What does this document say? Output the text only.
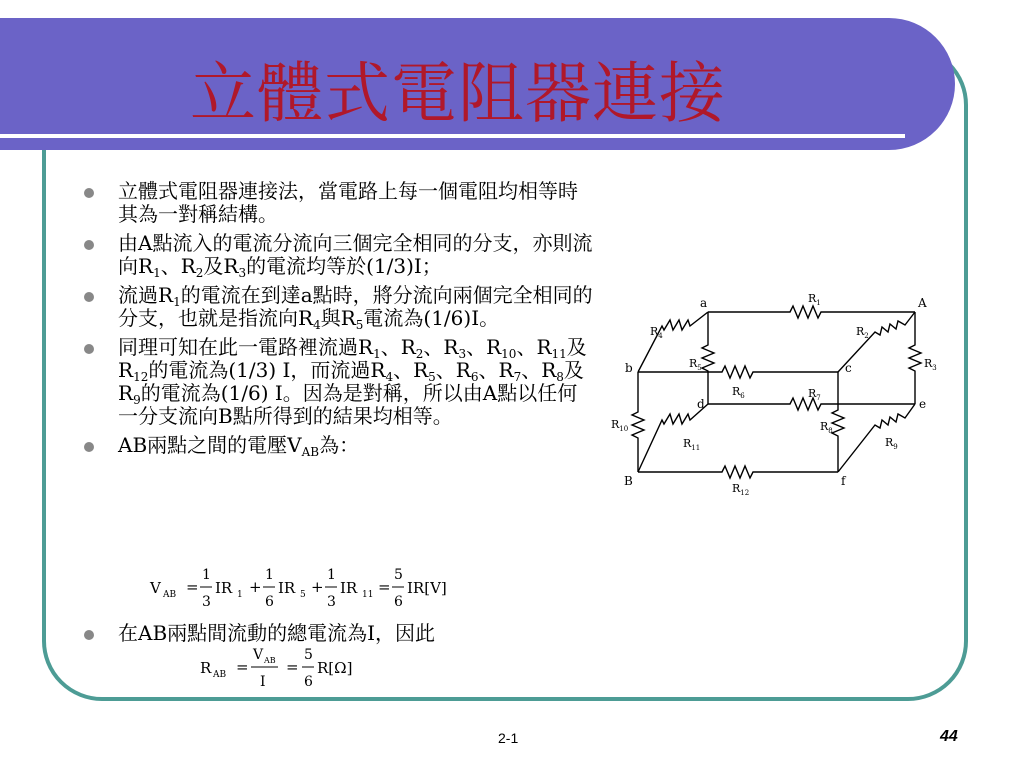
立體式電阻器連接
立體式電阻器連接法，當電路上每一個電阻均相等時其為一對稱結構。
由A點流入的電流分流向三個完全相同的分支，亦則流向$R_1$、$R_2$及$R_3$的電流均等於(1/3)I；
流過$R_1$的電流在到達a點時，將分流向兩個完全相同的分支，也就是指流向$R_4$與$R_5$電流為(1/6)I。
同理可知在此一電路裡流過$R_1$、$R_2$、$R_3$、$R_{10}$、$R_{11}$及$R_{12}$的電流為(1/3) I，而流過$R_4$、$R_5$、$R_6$、$R_7$、$R_8$及$R_9$的電流為(1/6) I。因為是對稱，所以由A點以任何一分支流向B點所得到的結果均相等。
AB兩點之間的電壓$V_{AB}$為：
V AB =
1
3
IR 1 +
1
6
IR 5 +
1
3
IR 11 =
5
6
IR[V]
在AB兩點間流動的總電流為I，因此
R AB =
V AB
I
=
5
6
R[Ω]
a	A
b	c
d	e
B	f
$R_1$
$R_2$
$R_3$
$R_4$
$R_5$
$R_6$	$R_7$
$R_8$
$R_9$
$R_{10}$
$R_{11}$
$R_{12}$
2-1	44
